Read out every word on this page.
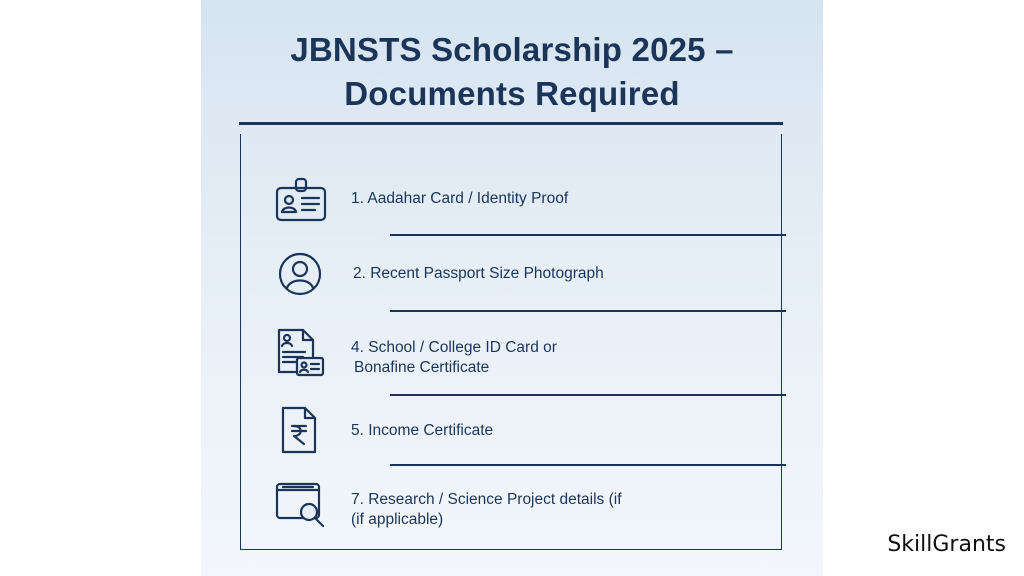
JBNSTS Scholarship 2025 –
Documents Required
1. Aadahar Card / Identity Proof
2. Recent Passport Size Photograph
4. School / College ID Card or
Bonafine Certificate
5. Income Certificate
7. Research / Science Project details (if
(if applicable)
SkillGrants
